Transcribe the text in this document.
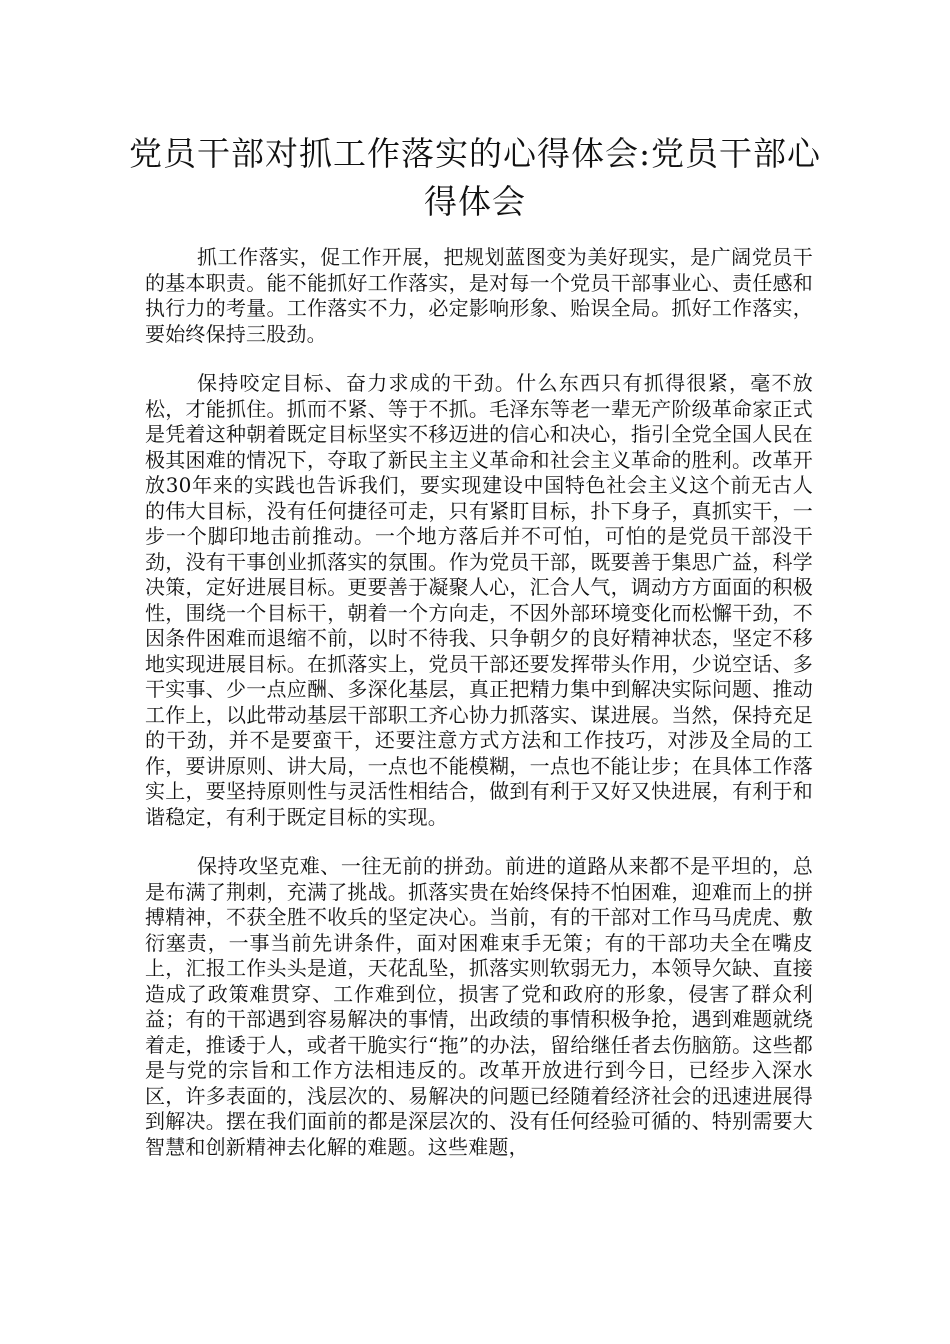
党员干部对抓工作落实的心得体会:党员干部心得体会

抓工作落实，促工作开展，把规划蓝图变为美好现实，是广阔党员干的基本职责。能不能抓好工作落实，是对每一个党员干部事业心、责任感和执行力的考量。工作落实不力，必定影响形象、贻误全局。抓好工作落实，要始终保持三股劲。

保持咬定目标、奋力求成的干劲。什么东西只有抓得很紧，毫不放松，才能抓住。抓而不紧、等于不抓。毛泽东等老一辈无产阶级革命家正式是凭着这种朝着既定目标坚实不移迈进的信心和决心，指引全党全国人民在极其困难的情况下，夺取了新民主主义革命和社会主义革命的胜利。改革开放30年来的实践也告诉我们，要实现建设中国特色社会主义这个前无古人的伟大目标，没有任何捷径可走，只有紧盯目标，扑下身子，真抓实干，一步一个脚印地击前推动。一个地方落后并不可怕，可怕的是党员干部没干劲，没有干事创业抓落实的氛围。作为党员干部，既要善于集思广益，科学决策，定好进展目标。更要善于凝聚人心，汇合人气，调动方方面面的积极性，围绕一个目标干，朝着一个方向走，不因外部环境变化而松懈干劲，不因条件困难而退缩不前，以时不待我、只争朝夕的良好精神状态，坚定不移地实现进展目标。在抓落实上，党员干部还要发挥带头作用，少说空话、多干实事、少一点应酬、多深化基层，真正把精力集中到解决实际问题、推动工作上，以此带动基层干部职工齐心协力抓落实、谋进展。当然，保持充足的干劲，并不是要蛮干，还要注意方式方法和工作技巧，对涉及全局的工作，要讲原则、讲大局，一点也不能模糊，一点也不能让步；在具体工作落实上，要坚持原则性与灵活性相结合，做到有利于又好又快进展，有利于和谐稳定，有利于既定目标的实现。

保持攻坚克难、一往无前的拼劲。前进的道路从来都不是平坦的，总是布满了荆刺，充满了挑战。抓落实贵在始终保持不怕困难，迎难而上的拼搏精神，不获全胜不收兵的坚定决心。当前，有的干部对工作马马虎虎、敷衍塞责，一事当前先讲条件，面对困难束手无策；有的干部功夫全在嘴皮上，汇报工作头头是道，天花乱坠，抓落实则软弱无力，本领导欠缺、直接造成了政策难贯穿、工作难到位，损害了党和政府的形象，侵害了群众利益；有的干部遇到容易解决的事情，出政绩的事情积极争抢，遇到难题就绕着走，推诿于人，或者干脆实行“拖”的办法，留给继任者去伤脑筋。这些都是与党的宗旨和工作方法相违反的。改革开放进行到今日，已经步入深水区，许多表面的，浅层次的、易解决的问题已经随着经济社会的迅速进展得到解决。摆在我们面前的都是深层次的、没有任何经验可循的、特别需要大智慧和创新精神去化解的难题。这些难题，
